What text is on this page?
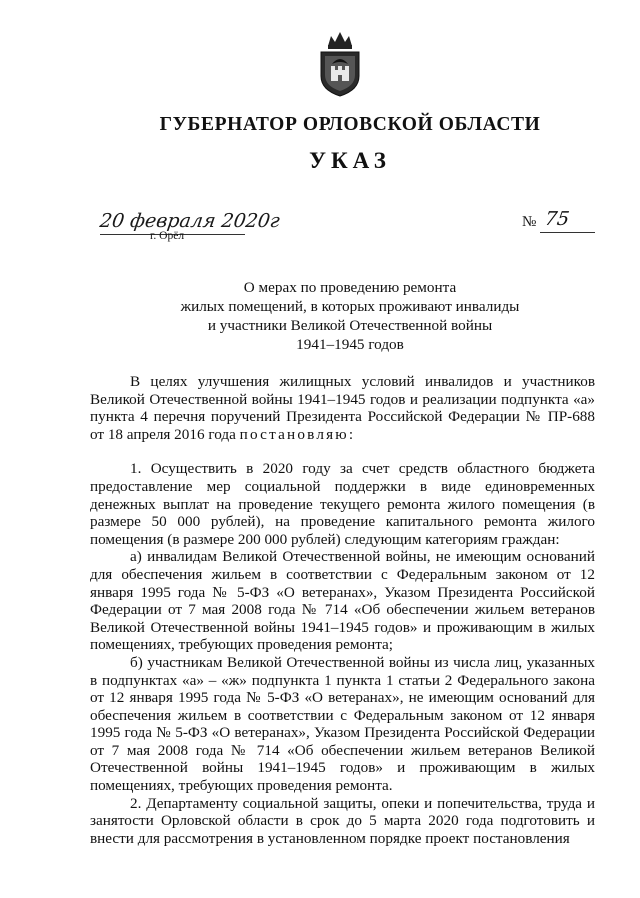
ГУБЕРНАТОР ОРЛОВСКОЙ ОБЛАСТИ
УКАЗ
20 февраля 2020г
г. Орёл
№ 75
О мерах по проведению ремонта
жилых помещений, в которых проживают инвалиды
и участники Великой Отечественной войны
1941–1945 годов

В целях улучшения жилищных условий инвалидов и участников Великой Отечественной войны 1941–1945 годов и реализации подпункта «а» пункта 4 перечня поручений Президента Российской Федерации № ПР-688 от 18 апреля 2016 года постановляю:

1. Осуществить в 2020 году за счет средств областного бюджета предоставление мер социальной поддержки в виде единовременных денежных выплат на проведение текущего ремонта жилого помещения (в размере 50 000 рублей), на проведение капитального ремонта жилого помещения (в размере 200 000 рублей) следующим категориям граждан:

а) инвалидам Великой Отечественной войны, не имеющим оснований для обеспечения жильем в соответствии с Федеральным законом от 12 января 1995 года № 5-ФЗ «О ветеранах», Указом Президента Российской Федерации от 7 мая 2008 года № 714 «Об обеспечении жильем ветеранов Великой Отечественной войны 1941–1945 годов» и проживающим в жилых помещениях, требующих проведения ремонта;

б) участникам Великой Отечественной войны из числа лиц, указанных в подпунктах «а» – «ж» подпункта 1 пункта 1 статьи 2 Федерального закона от 12 января 1995 года № 5-ФЗ «О ветеранах», не имеющим оснований для обеспечения жильем в соответствии с Федеральным законом от 12 января 1995 года № 5-ФЗ «О ветеранах», Указом Президента Российской Федерации от 7 мая 2008 года № 714 «Об обеспечении жильем ветеранов Великой Отечественной войны 1941–1945 годов» и проживающим в жилых помещениях, требующих проведения ремонта.

2. Департаменту социальной защиты, опеки и попечительства, труда и занятости Орловской области в срок до 5 марта 2020 года подготовить и внести для рассмотрения в установленном порядке проект постановления
